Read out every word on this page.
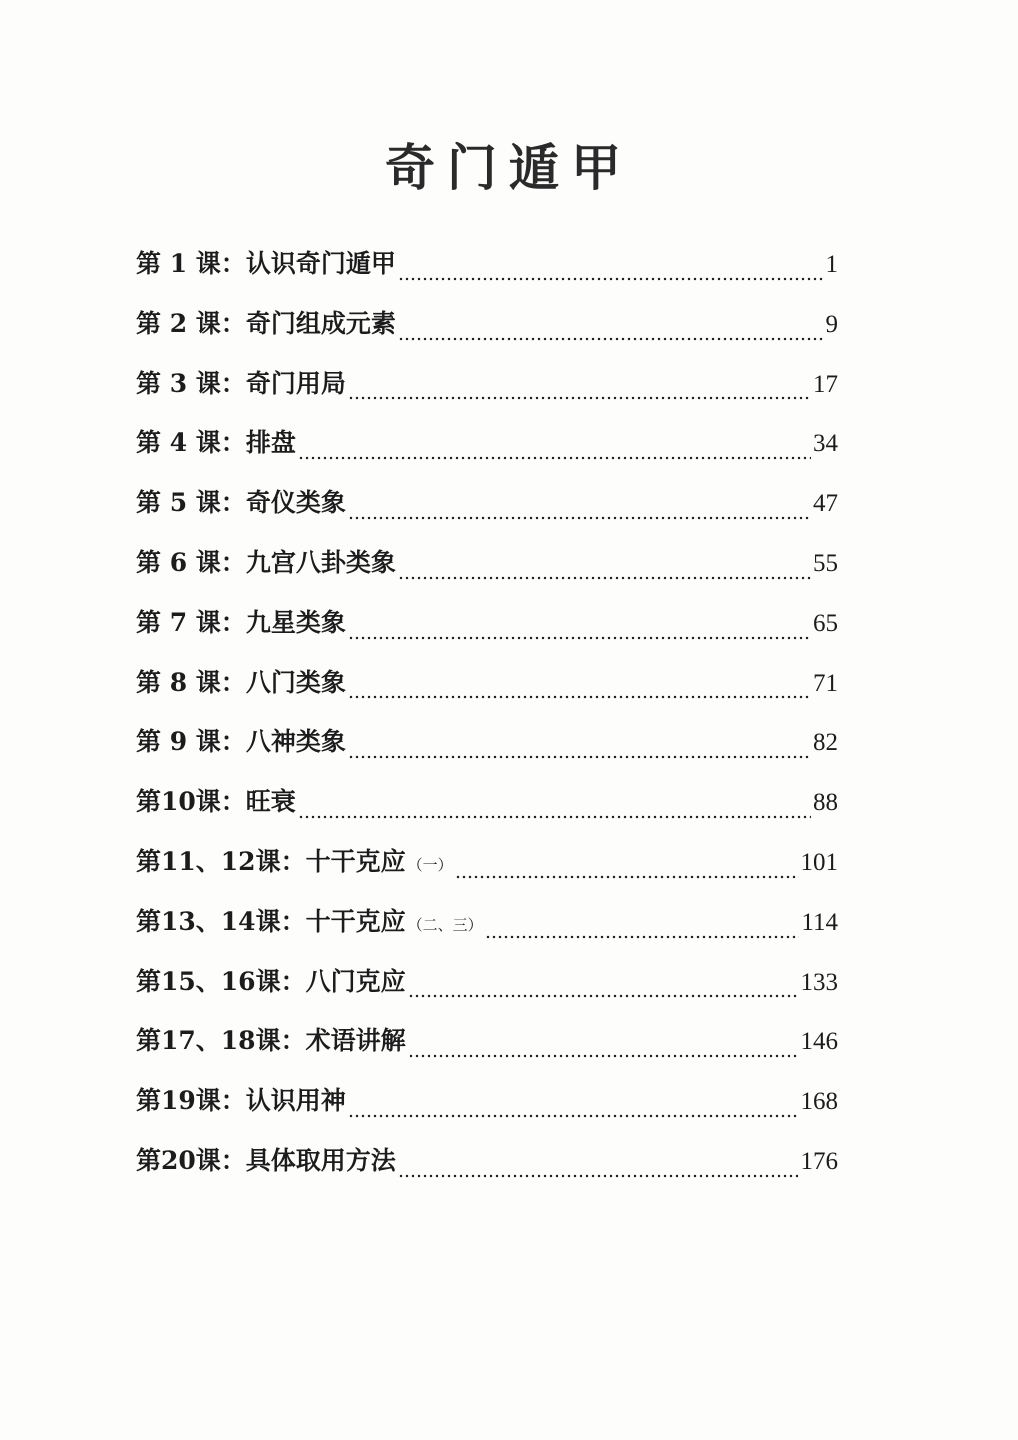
奇门遁甲
第 1 课： 认识奇门遁甲	1
第 2 课： 奇门组成元素	9
第 3 课： 奇门用局	17
第 4 课： 排盘	34
第 5 课： 奇仪类象	47
第 6 课： 九宫八卦类象	55
第 7 课： 九星类象	65
第 8 课： 八门类象	71
第 9 课： 八神类象	82
第10课： 旺衰	88
第11、12课： 十干克应 （一）	101
第13、14课： 十干克应 （二、三）	114
第15、16课： 八门克应	133
第17、18课： 术语讲解	146
第19课： 认识用神	168
第20课： 具体取用方法	176
